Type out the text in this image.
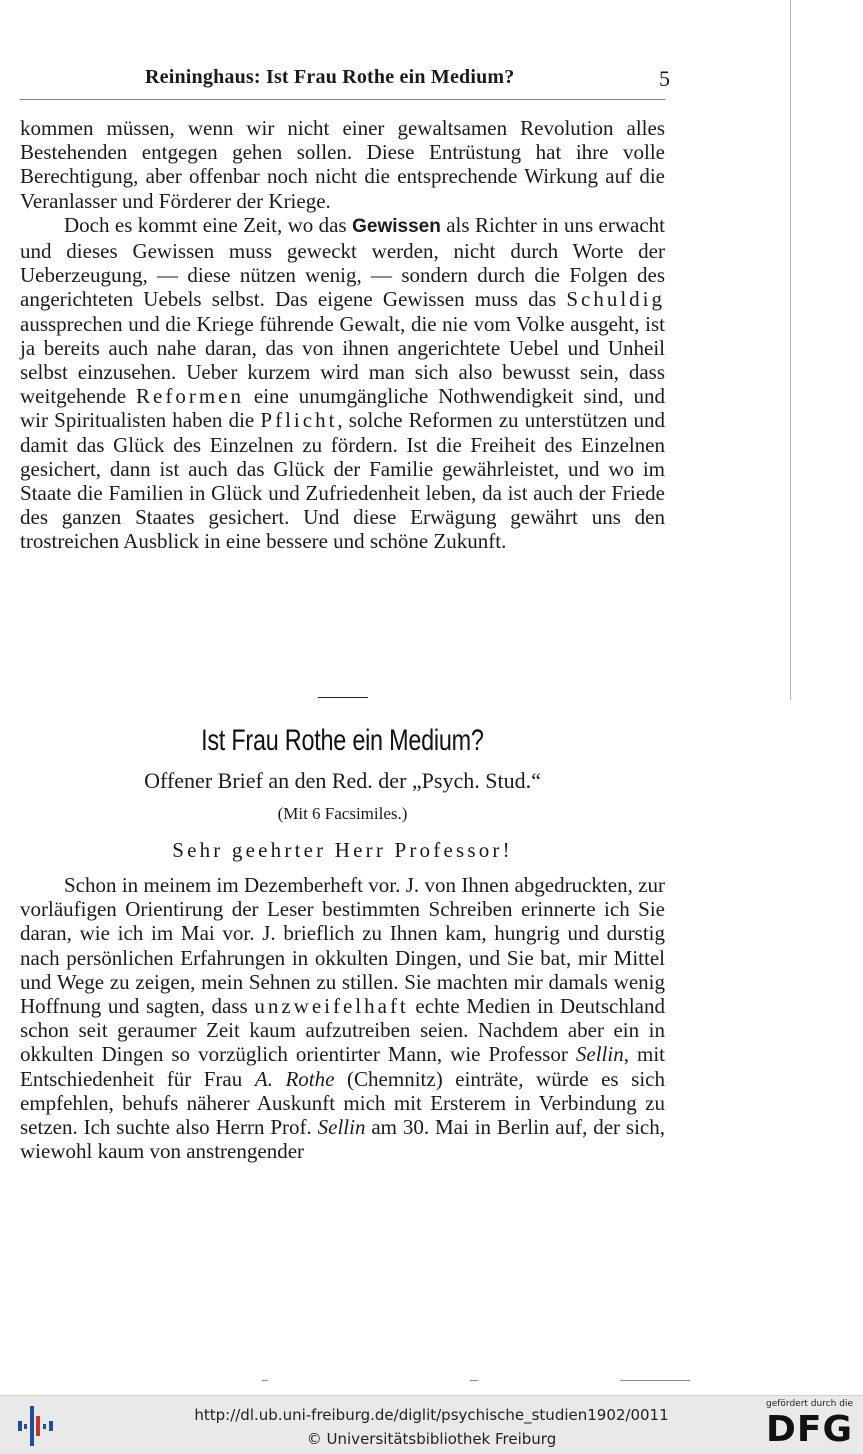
Reininghaus: Ist Frau Rothe ein Medium?	5

kommen müssen, wenn wir nicht einer gewaltsamen Revolution alles Bestehenden entgegen gehen sollen. Diese Entrüstung hat ihre volle Berechtigung, aber offenbar noch nicht die entsprechende Wirkung auf die Veranlasser und Förderer der Kriege.

Doch es kommt eine Zeit, wo das Gewissen als Richter in uns erwacht und dieses Gewissen muss geweckt werden, nicht durch Worte der Ueberzeugung, — diese nützen wenig, — sondern durch die Folgen des angerichteten Uebels selbst. Das eigene Gewissen muss das Schuldig aussprechen und die Kriege führende Gewalt, die nie vom Volke ausgeht, ist ja bereits auch nahe daran, das von ihnen angerichtete Uebel und Unheil selbst einzusehen. Ueber kurzem wird man sich also bewusst sein, dass weitgehende Reformen eine unumgängliche Nothwendigkeit sind, und wir Spiritualisten haben die Pflicht, solche Reformen zu unterstützen und damit das Glück des Einzelnen zu fördern. Ist die Freiheit des Einzelnen gesichert, dann ist auch das Glück der Familie gewährleistet, und wo im Staate die Familien in Glück und Zufriedenheit leben, da ist auch der Friede des ganzen Staates gesichert. Und diese Erwägung gewährt uns den trostreichen Ausblick in eine bessere und schöne Zukunft.

Ist Frau Rothe ein Medium?
Offener Brief an den Red. der „Psych. Stud.“
(Mit 6 Facsimiles.)
Sehr geehrter Herr Professor!

Schon in meinem im Dezemberheft vor. J. von Ihnen abgedruckten, zur vorläufigen Orientirung der Leser bestimmten Schreiben erinnerte ich Sie daran, wie ich im Mai vor. J. brieflich zu Ihnen kam, hungrig und durstig nach persönlichen Erfahrungen in okkulten Dingen, und Sie bat, mir Mittel und Wege zu zeigen, mein Sehnen zu stillen. Sie machten mir damals wenig Hoffnung und sagten, dass unzweifelhaft echte Medien in Deutschland schon seit geraumer Zeit kaum aufzutreiben seien. Nachdem aber ein in okkulten Dingen so vorzüglich orientirter Mann, wie Professor Sellin, mit Entschiedenheit für Frau A. Rothe (Chemnitz) einträte, würde es sich empfehlen, behufs näherer Auskunft mich mit Ersterem in Verbindung zu setzen. Ich suchte also Herrn Prof. Sellin am 30. Mai in Berlin auf, der sich, wiewohl kaum von anstrengender

http://dl.ub.uni-freiburg.de/diglit/psychische_studien1902/0011
© Universitätsbibliothek Freiburg
gefördert durch die
DFG
